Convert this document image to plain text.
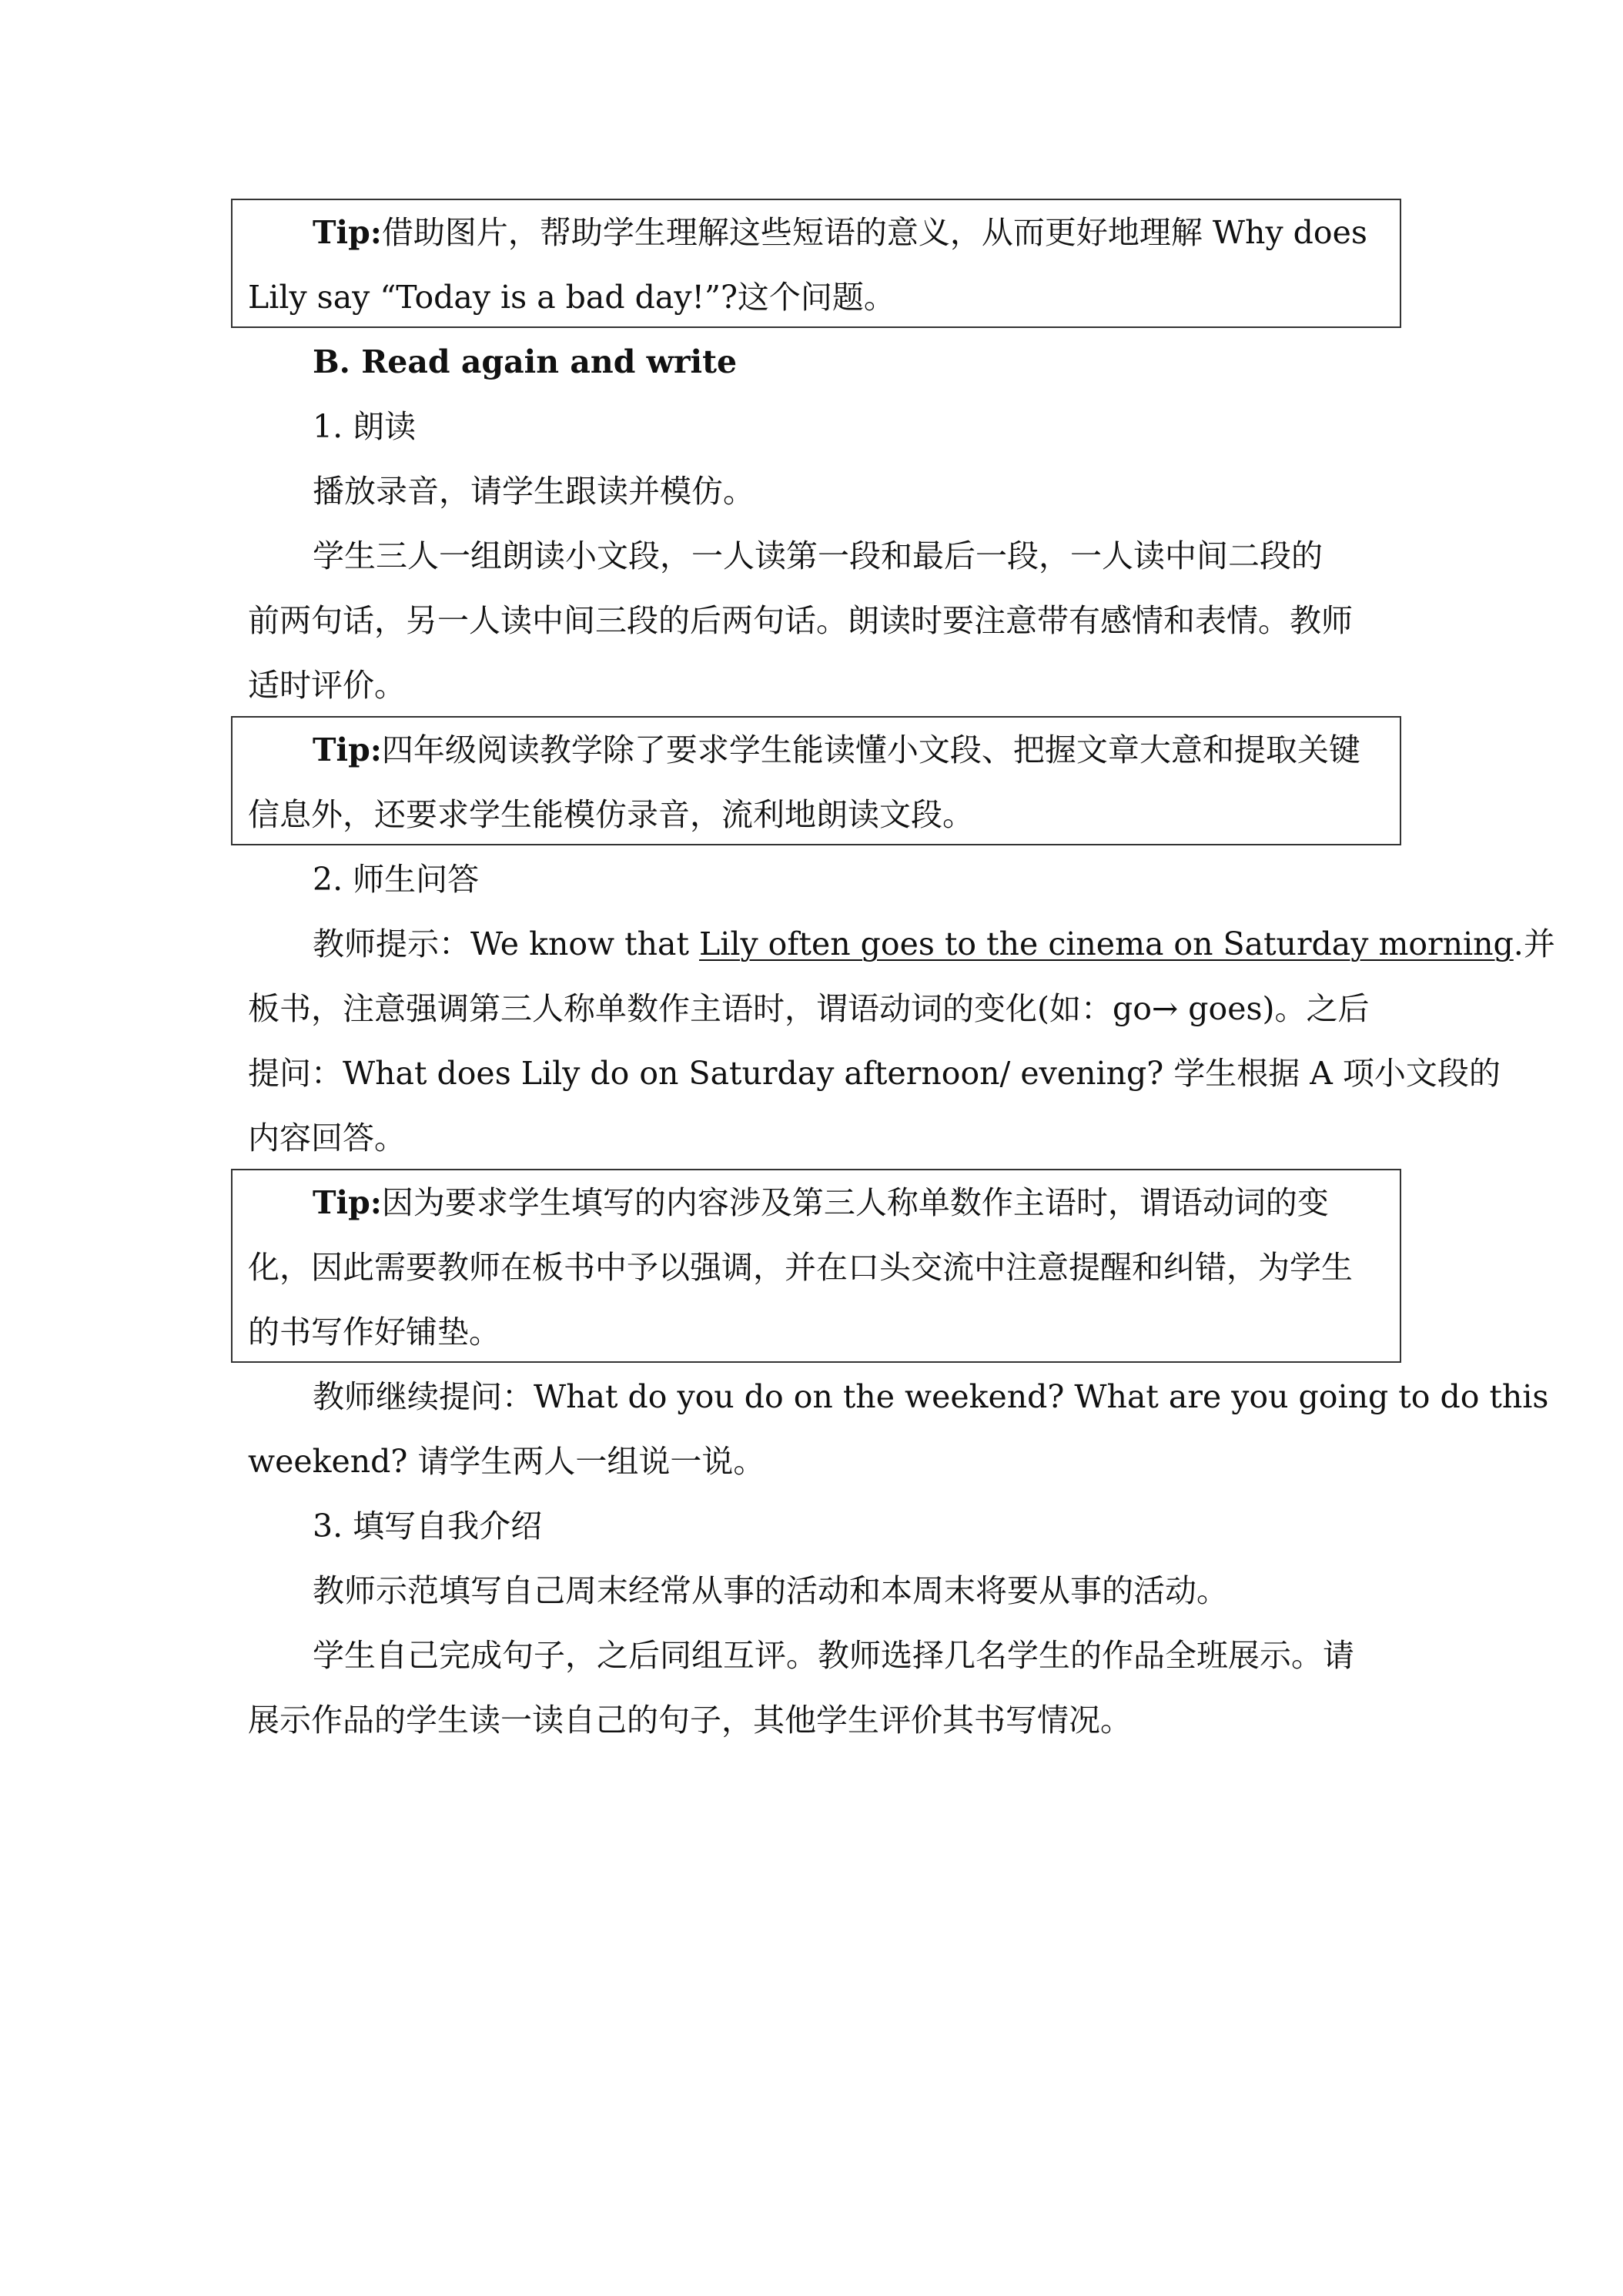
Tip:借助图片，帮助学生理解这些短语的意义，从而更好地理解 Why does
Lily say “Today is a bad day!”?这个问题。
B. Read again and write
1. 朗读
播放录音，请学生跟读并模仿。
学生三人一组朗读小文段，一人读第一段和最后一段，一人读中间二段的
前两句话，另一人读中间三段的后两句话。朗读时要注意带有感情和表情。教师
适时评价。
Tip:四年级阅读教学除了要求学生能读懂小文段、把握文章大意和提取关键
信息外，还要求学生能模仿录音，流利地朗读文段。
2. 师生问答
教师提示：We know that Lily often goes to the cinema on Saturday morning.并
板书，注意强调第三人称单数作主语时，谓语动词的变化(如：go→ goes)。之后
提问：What does Lily do on Saturday afternoon/ evening? 学生根据 A 项小文段的
内容回答。
Tip:因为要求学生填写的内容涉及第三人称单数作主语时，谓语动词的变
化，因此需要教师在板书中予以强调，并在口头交流中注意提醒和纠错，为学生
的书写作好铺垫。
教师继续提问：What do you do on the weekend? What are you going to do this
weekend? 请学生两人一组说一说。
3. 填写自我介绍
教师示范填写自己周末经常从事的活动和本周末将要从事的活动。
学生自己完成句子，之后同组互评。教师选择几名学生的作品全班展示。请
展示作品的学生读一读自己的句子，其他学生评价其书写情况。
